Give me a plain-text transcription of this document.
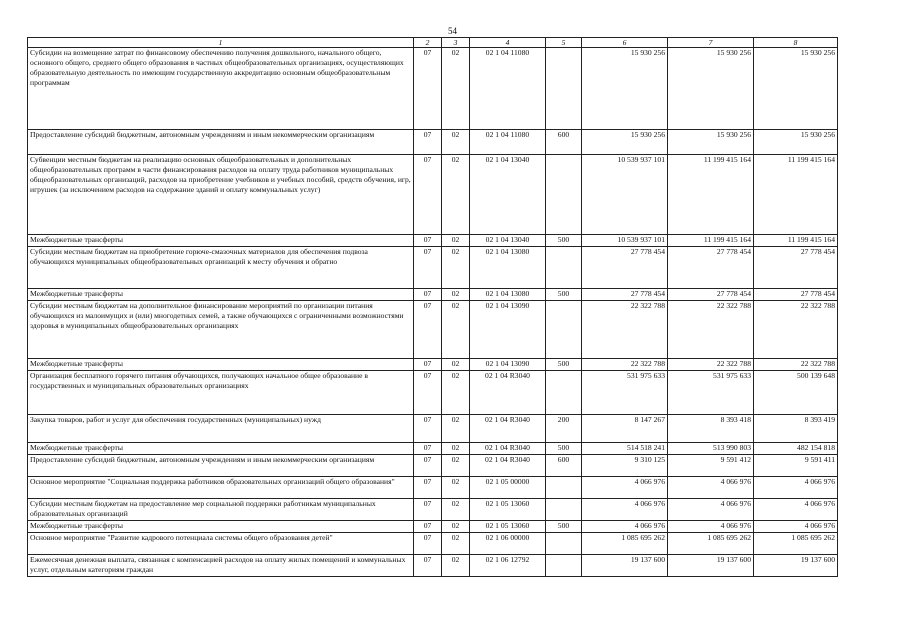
54
1	2	3	4	5	6	7	8
Субсидии на возмещение затрат по финансовому обеспечению получения дошкольного, начального общего, основного общего, среднего общего образования в частных общеобразовательных организациях, осуществляющих образовательную деятельность по имеющим государственную аккредитацию основным общеобразовательным программам	07	02	02 1 04 11080		15 930 256	15 930 256	15 930 256
Предоставление субсидий бюджетным, автономным учреждениям и иным некоммерческим организациям	07	02	02 1 04 11080	600	15 930 256	15 930 256	15 930 256
Субвенции местным бюджетам на реализацию основных общеобразовательных и дополнительных общеобразовательных программ в части финансирования расходов на оплату труда работников муниципальных общеобразовательных организаций, расходов на приобретение учебников и учебных пособий, средств обучения, игр, игрушек (за исключением расходов на содержание зданий и оплату коммунальных услуг)	07	02	02 1 04 13040		10 539 937 101	11 199 415 164	11 199 415 164
Межбюджетные трансферты	07	02	02 1 04 13040	500	10 539 937 101	11 199 415 164	11 199 415 164
Субсидии местным бюджетам на приобретение горюче-смазочных материалов для обеспечения подвоза обучающихся муниципальных общеобразовательных организаций к месту обучения и обратно	07	02	02 1 04 13080		27 778 454	27 778 454	27 778 454
Межбюджетные трансферты	07	02	02 1 04 13080	500	27 778 454	27 778 454	27 778 454
Субсидии местным бюджетам на дополнительное финансирование мероприятий по организации питания обучающихся из малоимущих и (или) многодетных семей, а также обучающихся с ограниченными возможностями здоровья в муниципальных общеобразовательных организациях	07	02	02 1 04 13090		22 322 788	22 322 788	22 322 788
Межбюджетные трансферты	07	02	02 1 04 13090	500	22 322 788	22 322 788	22 322 788
Организация бесплатного горячего питания обучающихся, получающих начальное общее образование в государственных и муниципальных образовательных организациях	07	02	02 1 04 R3040		531 975 633	531 975 633	500 139 648
Закупка товаров, работ и услуг для обеспечения государственных (муниципальных) нужд	07	02	02 1 04 R3040	200	8 147 267	8 393 418	8 393 419
Межбюджетные трансферты	07	02	02 1 04 R3040	500	514 518 241	513 990 803	482 154 818
Предоставление субсидий бюджетным, автономным учреждениям и иным некоммерческим организациям	07	02	02 1 04 R3040	600	9 310 125	9 591 412	9 591 411
Основное мероприятие "Социальная поддержка работников образовательных организаций общего образования"	07	02	02 1 05 00000		4 066 976	4 066 976	4 066 976
Субсидии местным бюджетам на предоставление мер социальной поддержки работникам муниципальных образовательных организаций	07	02	02 1 05 13060		4 066 976	4 066 976	4 066 976
Межбюджетные трансферты	07	02	02 1 05 13060	500	4 066 976	4 066 976	4 066 976
Основное мероприятие "Развитие кадрового потенциала системы общего образования детей"	07	02	02 1 06 00000		1 085 695 262	1 085 695 262	1 085 695 262
Ежемесячная денежная выплата, связанная с компенсацией расходов на оплату жилых помещений и коммунальных услуг, отдельным категориям граждан	07	02	02 1 06 12792		19 137 600	19 137 600	19 137 600
